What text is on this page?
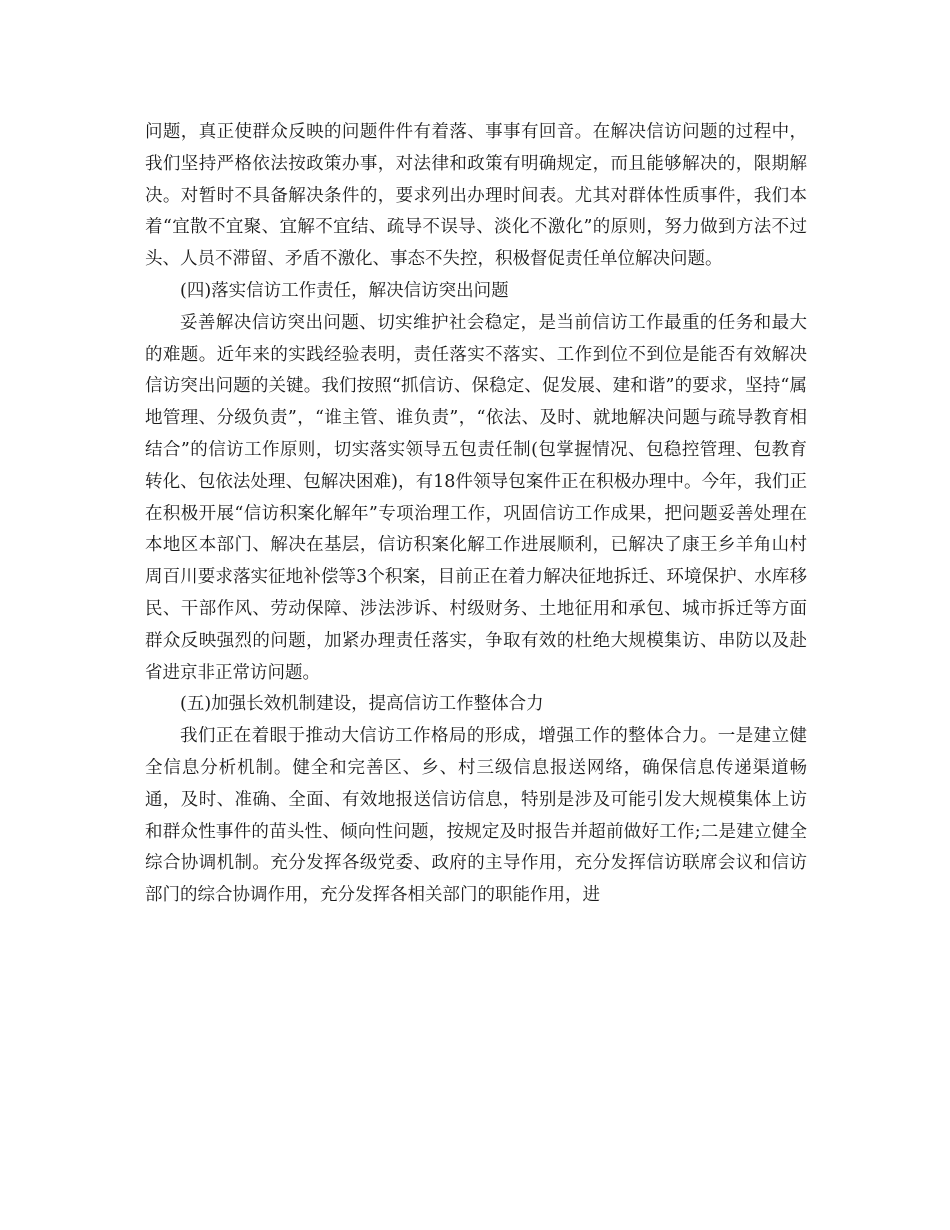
问题，真正使群众反映的问题件件有着落、事事有回音。在解决信访问题的过程中，我们坚持严格依法按政策办事，对法律和政策有明确规定，而且能够解决的，限期解决。对暂时不具备解决条件的，要求列出办理时间表。尤其对群体性质事件，我们本着“宜散不宜聚、宜解不宜结、疏导不误导、淡化不激化”的原则，努力做到方法不过头、人员不滞留、矛盾不激化、事态不失控，积极督促责任单位解决问题。

(四)落实信访工作责任，解决信访突出问题

妥善解决信访突出问题、切实维护社会稳定，是当前信访工作最重的任务和最大的难题。近年来的实践经验表明，责任落实不落实、工作到位不到位是能否有效解决信访突出问题的关键。我们按照“抓信访、保稳定、促发展、建和谐”的要求，坚持“属地管理、分级负责”，“谁主管、谁负责”，“依法、及时、就地解决问题与疏导教育相结合”的信访工作原则，切实落实领导五包责任制(包掌握情况、包稳控管理、包教育转化、包依法处理、包解决困难)，有18件领导包案件正在积极办理中。今年，我们正在积极开展“信访积案化解年”专项治理工作，巩固信访工作成果，把问题妥善处理在本地区本部门、解决在基层，信访积案化解工作进展顺利，已解决了康王乡羊角山村周百川要求落实征地补偿等3个积案，目前正在着力解决征地拆迁、环境保护、水库移民、干部作风、劳动保障、涉法涉诉、村级财务、土地征用和承包、城市拆迁等方面群众反映强烈的问题，加紧办理责任落实，争取有效的杜绝大规模集访、串防以及赴省进京非正常访问题。

(五)加强长效机制建设，提高信访工作整体合力

我们正在着眼于推动大信访工作格局的形成，增强工作的整体合力。一是建立健全信息分析机制。健全和完善区、乡、村三级信息报送网络，确保信息传递渠道畅通，及时、准确、全面、有效地报送信访信息，特别是涉及可能引发大规模集体上访和群众性事件的苗头性、倾向性问题，按规定及时报告并超前做好工作;二是建立健全综合协调机制。充分发挥各级党委、政府的主导作用，充分发挥信访联席会议和信访部门的综合协调作用，充分发挥各相关部门的职能作用，进
